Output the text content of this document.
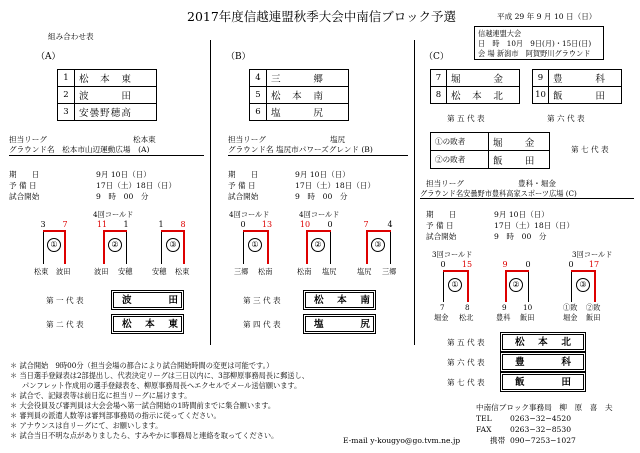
2017年度信越連盟秋季大会中南信ブロック予選	平成 29 年 9 月 10 日（日）
組み合わせ表	信越連盟大会
日　時　10月　9日(月)・15日(日)
会 場 新潟市　阿賀野川グラウンド
（A）
1	松　本　東
2	波　　　田
3	安曇野穂高
担当リーグ	松本東
グラウンド名　松本市山辺運動広場　(A)
期　　日	9月 10日（日）
予 備 日	17日（土）18日（日）
試合開始	9　時　00　分
4回コールド
3	7
①
松東 波田
11	1
②
波田 安穂
1	8
③
安穂 松東
第 一 代 表	波　　　田
第 二 代 表	松　本　東
（B）
4	三　　　郷
5	松　本　南
6	塩　　　尻
担当リーグ	塩尻
グラウンド名 塩尻市パワーズグレンド (B)
期　　日	9月 10日（日）
予 備 日	17日（土）18日（日）
試合開始	9　時　00　分
4回コールド	4回コールド
0	13
①
三郷 松南
10	0
②
松南 塩尻
7	4
③
塩尻 三郷
第 三 代 表	松　本　南
第 四 代 表	塩　　　尻
（C）
7	堀　　　金
8	松　本　北
9	豊　　　科
10	飯　　　田
第 五 代 表	第 六 代 表
①の敗者	堀　　金
②の敗者	飯　　田
第 七 代 表
担当リーグ	豊科・堀金
グラウンド名安曇野市豊科高家スポーツ広場 (C)
期　　日	9月 10日（日）
予 備 日	17日（土）18日（日）
試合開始	9　時　00　分
3回コールド	3回コールド
0	15
①
7	8
堀金 松北
9	0
②
9 10
豊科 飯田
0	17
③
①敗 ②敗
堀金 飯田
第 五 代 表	松　本　北
第 六 代 表	豊　　　科
第 七 代 表	飯　　　田
＊ 試合開始　9時00分（担当会場の都合により試合開始時間の変更は可能です。）
＊ 当日選手登録表は2部提出し、代表決定リーグは三日以内に、3部柳原事務局長に郵送し、
パンフレット作成用の選手登録表を、柳原事務局長へエクセルでメール送信願います。
＊ 試合で、記録表等は前日迄に担当リーグに届けます。
＊ 大会役員及び審判員は大会会場へ第一試合開始の1時間前までに集合願います。
＊ 審判員の派遣人数等は審判部事務局の指示に従ってください。
＊ アナウンスは自リーグにて、お願いします。
＊ 試合当日不明な点がありましたら、すみやかに事務局と連絡を取ってください。
中南信ブロック事務局　柳　原　喜　夫
TEL 0263−32−4520
FAX 0263−32−8530
E-mail y-kougyo@go.tvm.ne.jp	携帯 090−7253−1027
